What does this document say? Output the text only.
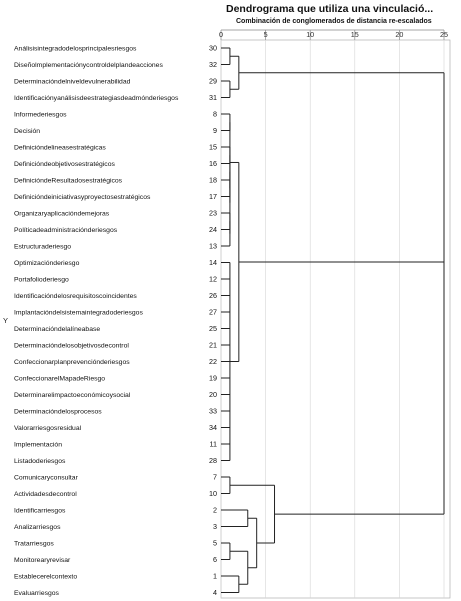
Dendrograma que utiliza una vinculació...
Combinación de conglomerados de distancia re-escalados
Y
0	5	10	15	20	25
Análisisintegradodelosprincipalesriesgos	30
Diseñolmplementaciónycontroldelplandeacciones	32
Determinacióndelniveldevulnerabilidad	29
Identificaciónyanálisisdeestrategiasdeadmónderiesgos	31
Informederiesgos	8
Decisión	9
Definicióndelineasestratégicas	15
Definicióndeobjetivosestratégicos	16
DefinicióndeResultadosestratégicos	18
Definicióndeiniciativasyproyectosestratégicos	17
Organizaryaplicacióndemejoras	23
Políticadeadministraciónderiesgos	24
Estructuraderiesgo	13
Optimizaciónderiesgo	14
Portafolioderiesgo	12
Identificacióndelosrequisitoscoincidentes	26
Implantacióndelsistemaintegradoderiesgos	27
Determinacióndelalíneabase	25
Determinacióndelosobjetivosdecontrol	21
Confeccionarplanprevenciónderiesgos	22
ConfeccionarelMapadeRiesgo	19
Determinarelimpactoeconómicoysocial	20
Determinacióndelosprocesos	33
Valorarriesgosresidual	34
Implementación	11
Listadoderiesgos	28
Comunicaryconsultar	7
Actividadesdecontrol	10
Identificarriesgos	2
Analizarriesgos	3
Tratarriesgos	5
Monitorearyrevisar	6
Establecerelcontexto	1
Evaluarriesgos	4
